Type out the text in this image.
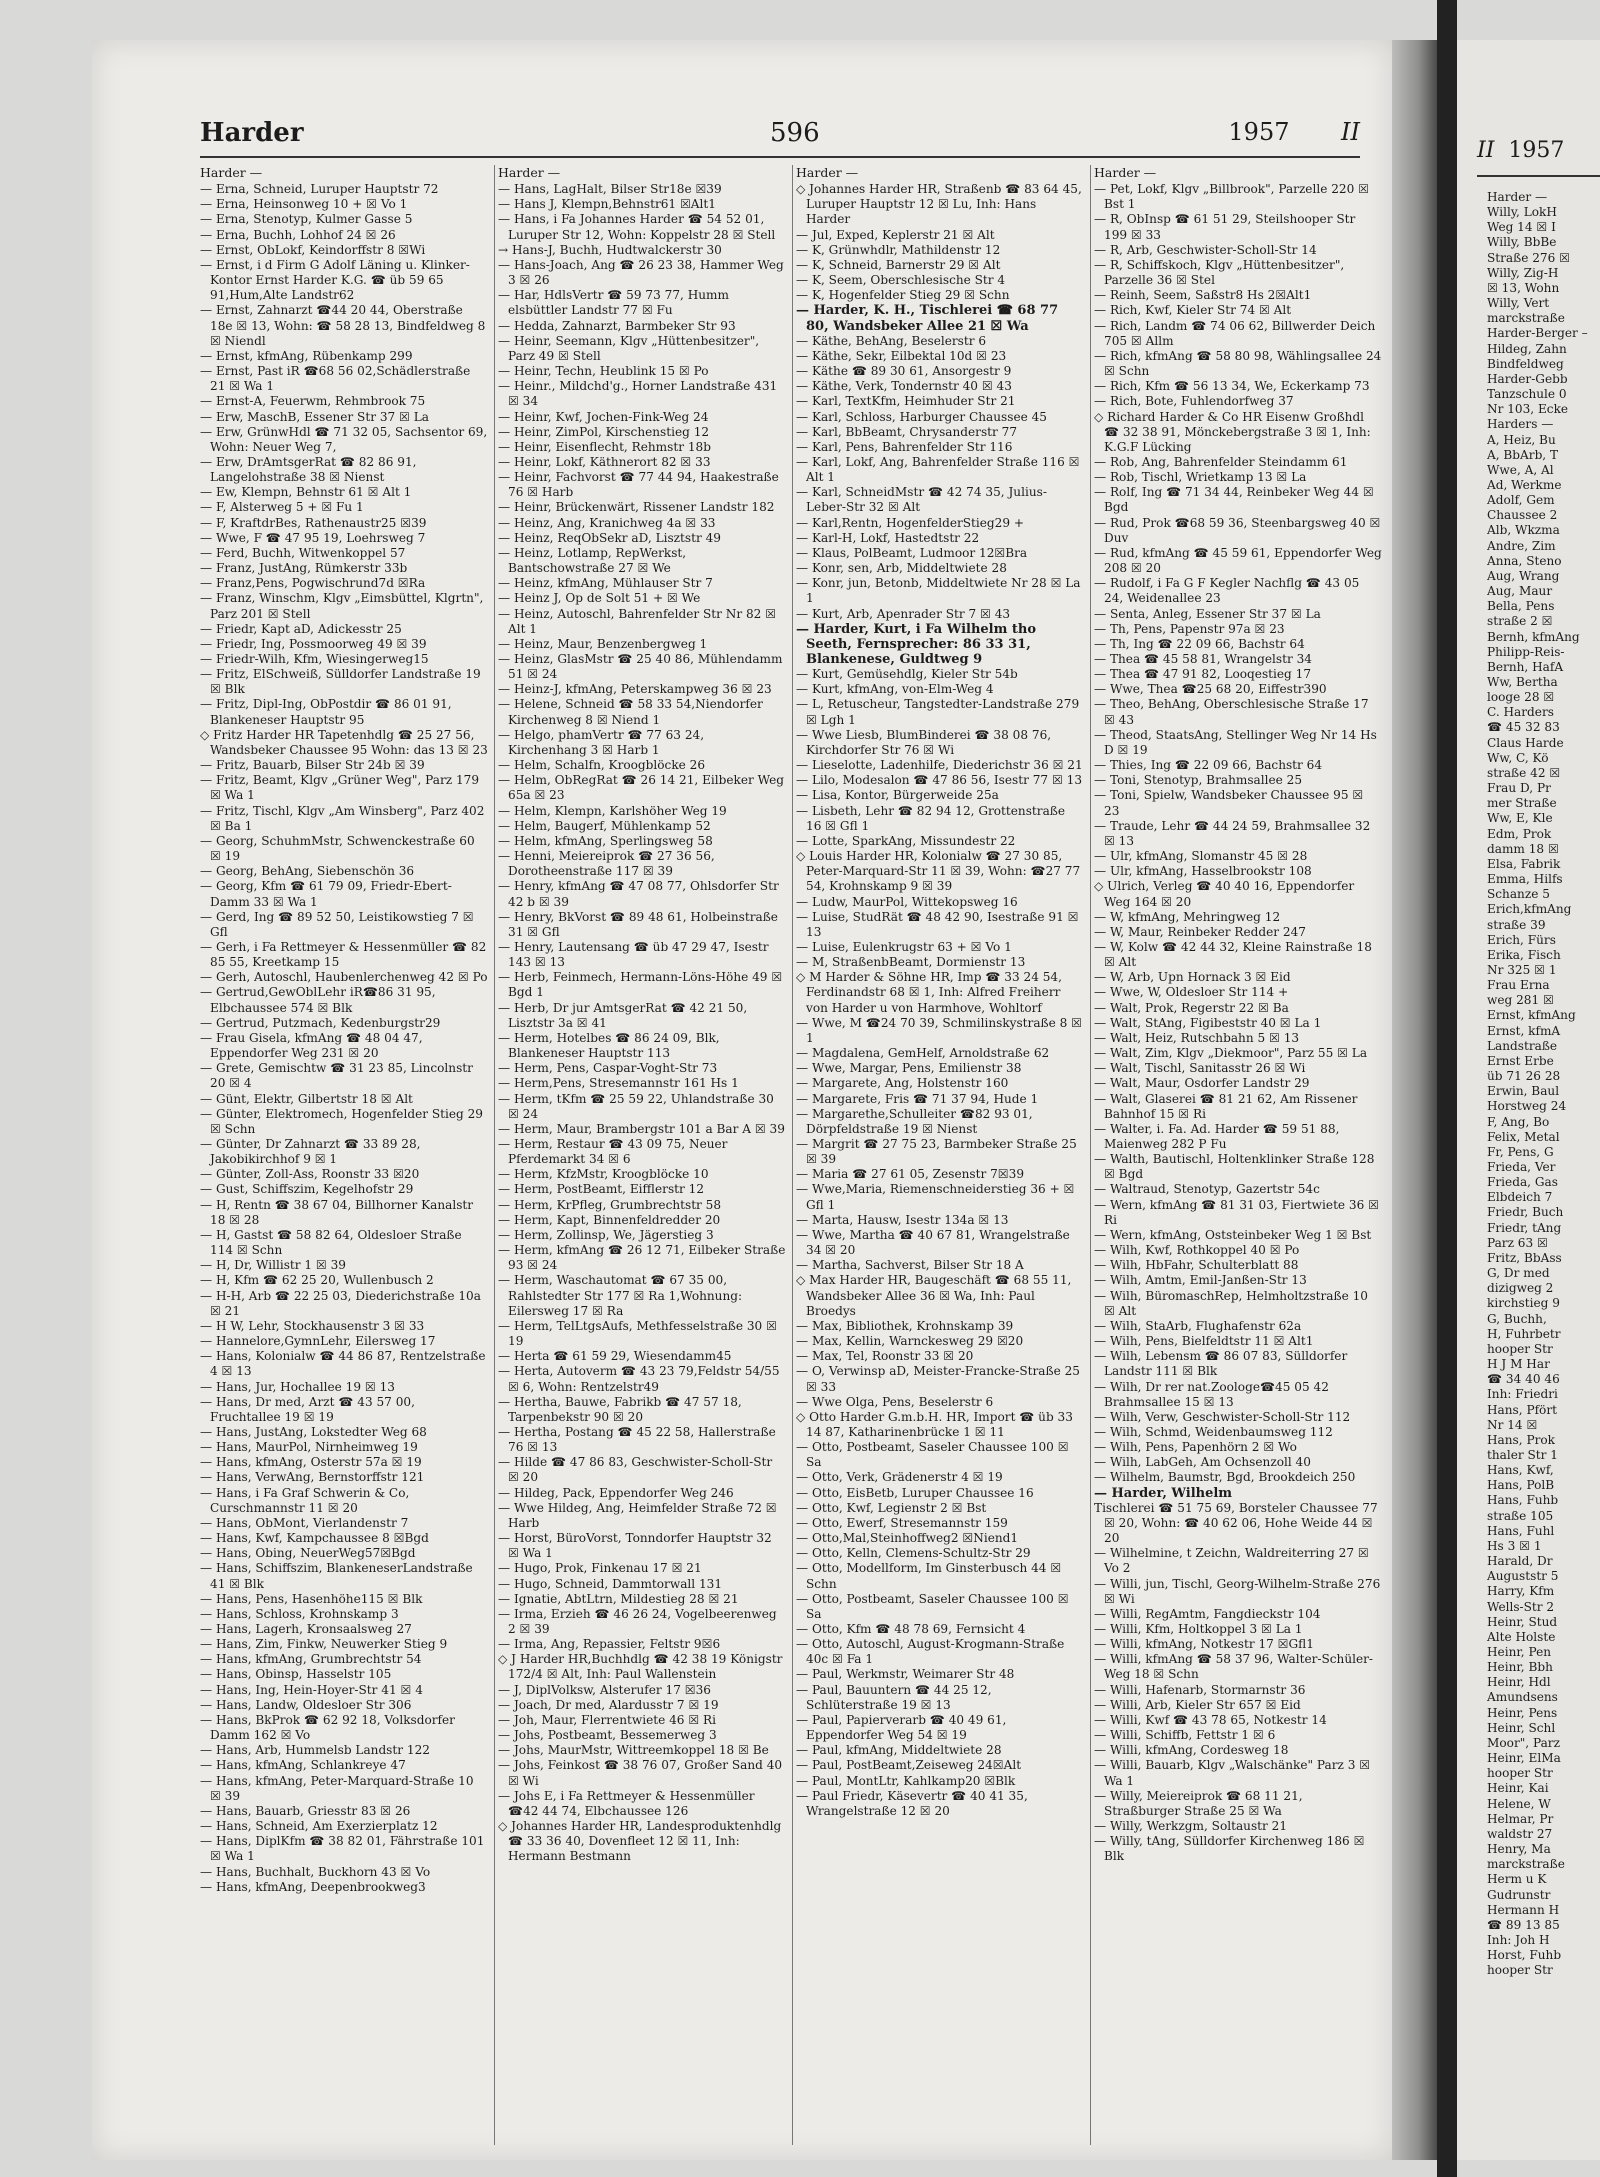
II 1957
Harder —
Willy, LokH
Weg 14 ☒ I
Willy, BbBe
Straße 276 ☒
Willy, Zig-H
☒ 13, Wohn
Willy, Vert
marckstraße
Harder-Berger –
Hildeg, Zahn
Bindfeldweg
Harder-Gebb
Tanzschule 0
Nr 103, Ecke
Harders —
A, Heiz, Bu
A, BbArb, T
Wwe, A, Al
Ad, Werkme
Adolf, Gem
Chaussee 2
Alb, Wkzma
Andre, Zim
Anna, Steno
Aug, Wrang
Aug, Maur
Bella, Pens
straße 2 ☒
Bernh, kfmAng
Philipp-Reis-
Bernh, HafA
Ww, Bertha
looge 28 ☒
C. Harders
☎ 45 32 83
Claus Harde
Ww, C, Kö
straße 42 ☒
Frau D, Pr
mer Straße
Ww, E, Kle
Edm, Prok
damm 18 ☒
Elsa, Fabrik
Emma, Hilfs
Schanze 5
Erich,kfmAng
straße 39
Erich, Fürs
Erika, Fisch
Nr 325 ☒ 1
Frau Erna
weg 281 ☒
Ernst, kfmAng
Ernst, kfmA
Landstraße
Ernst Erbe
üb 71 26 28
Erwin, Baul
Horstweg 24
F, Ang, Bo
Felix, Metal
Fr, Pens, G
Frieda, Ver
Frieda, Gas
Elbdeich 7
Friedr, Buch
Friedr, tAng
Parz 63 ☒
Fritz, BbAss
G, Dr med
dizigweg 2
kirchstieg 9
G, Buchh,
H, Fuhrbetr
hooper Str
H J M Har
☎ 34 40 46
Inh: Friedri
Hans, Pfört
Nr 14 ☒
Hans, Prok
thaler Str 1
Hans, Kwf,
Hans, PolB
Hans, Fuhb
straße 105
Hans, Fuhl
Hs 3 ☒ 1
Harald, Dr
Auguststr 5
Harry, Kfm
Wells-Str 2
Heinr, Stud
Alte Holste
Heinr, Pen
Heinr, Bbh
Heinr, Hdl
Amundsens
Heinr, Pens
Heinr, Schl
Moor", Parz
Heinr, ElMa
hooper Str
Heinr, Kai
Helene, W
Helmar, Pr
waldstr 27
Henry, Ma
marckstraße
Herm u K
Gudrunstr
Hermann H
☎ 89 13 85
Inh: Joh H
Horst, Fuhb
hooper Str
Harder	596	1957	II
Harder —

— Erna, Schneid, Luruper Hauptstr 72

— Erna, Heinsonweg 10 + ☒ Vo 1

— Erna, Stenotyp, Kulmer Gasse 5

— Erna, Buchh, Lohhof 24 ☒ 26

— Ernst, ObLokf, Keindorffstr 8 ☒Wi

— Ernst, i d Firm G Adolf Läning u. Klinker-Kontor Ernst Harder K.G. ☎ üb 59 65 91,Hum,Alte Landstr62

— Ernst, Zahnarzt ☎44 20 44, Oberstraße 18e ☒ 13, Wohn: ☎ 58 28 13, Bindfeldweg 8 ☒ Niendl

— Ernst, kfmAng, Rübenkamp 299

— Ernst, Past iR ☎68 56 02,Schädlerstraße 21 ☒ Wa 1

— Ernst-A, Feuerwm, Rehmbrook 75

— Erw, MaschB, Essener Str 37 ☒ La

— Erw, GrünwHdl ☎ 71 32 05, Sachsentor 69, Wohn: Neuer Weg 7,

— Erw, DrAmtsgerRat ☎ 82 86 91, Langelohstraße 38 ☒ Nienst

— Ew, Klempn, Behnstr 61 ☒ Alt 1

— F, Alsterweg 5 + ☒ Fu 1

— F, KraftdrBes, Rathenaustr25 ☒39

— Wwe, F ☎ 47 95 19, Loehrsweg 7

— Ferd, Buchh, Witwenkoppel 57

— Franz, JustAng, Rümkerstr 33b

— Franz,Pens, Pogwischrund7d ☒Ra

— Franz, Winschm, Klgv „Eimsbüttel, Klgrtn", Parz 201 ☒ Stell

— Friedr, Kapt aD, Adickesstr 25

— Friedr, Ing, Possmoorweg 49 ☒ 39

— Friedr-Wilh, Kfm, Wiesingerweg15

— Fritz, ElSchweiß, Sülldorfer Landstraße 19 ☒ Blk

— Fritz, Dipl-Ing, ObPostdir ☎ 86 01 91, Blankeneser Hauptstr 95

◇ Fritz Harder HR Tapetenhdlg ☎ 25 27 56, Wandsbeker Chaussee 95 Wohn: das 13 ☒ 23

— Fritz, Bauarb, Bilser Str 24b ☒ 39

— Fritz, Beamt, Klgv „Grüner Weg", Parz 179 ☒ Wa 1

— Fritz, Tischl, Klgv „Am Winsberg", Parz 402 ☒ Ba 1

— Georg, SchuhmMstr, Schwenckestraße 60 ☒ 19

— Georg, BehAng, Siebenschön 36

— Georg, Kfm ☎ 61 79 09, Friedr-Ebert-Damm 33 ☒ Wa 1

— Gerd, Ing ☎ 89 52 50, Leistikowstieg 7 ☒ Gfl

— Gerh, i Fa Rettmeyer & Hessenmüller ☎ 82 85 55, Kreetkamp 15

— Gerh, Autoschl, Haubenlerchenweg 42 ☒ Po

— Gertrud,GewOblLehr iR☎86 31 95, Elbchaussee 574 ☒ Blk

— Gertrud, Putzmach, Kedenburgstr29

— Frau Gisela, kfmAng ☎ 48 04 47, Eppendorfer Weg 231 ☒ 20

— Grete, Gemischtw ☎ 31 23 85, Lincolnstr 20 ☒ 4

— Günt, Elektr, Gilbertstr 18 ☒ Alt

— Günter, Elektromech, Hogenfelder Stieg 29 ☒ Schn

— Günter, Dr Zahnarzt ☎ 33 89 28, Jakobikirchhof 9 ☒ 1

— Günter, Zoll-Ass, Roonstr 33 ☒20

— Gust, Schiffszim, Kegelhofstr 29

— H, Rentn ☎ 38 67 04, Billhorner Kanalstr 18 ☒ 28

— H, Gastst ☎ 58 82 64, Oldesloer Straße 114 ☒ Schn

— H, Dr, Willistr 1 ☒ 39

— H, Kfm ☎ 62 25 20, Wullenbusch 2

— H-H, Arb ☎ 22 25 03, Diederichstraße 10a ☒ 21

— H W, Lehr, Stockhausenstr 3 ☒ 33

— Hannelore,GymnLehr, Eilersweg 17

— Hans, Kolonialw ☎ 44 86 87, Rentzelstraße 4 ☒ 13

— Hans, Jur, Hochallee 19 ☒ 13

— Hans, Dr med, Arzt ☎ 43 57 00, Fruchtallee 19 ☒ 19

— Hans, JustAng, Lokstedter Weg 68

— Hans, MaurPol, Nirnheimweg 19

— Hans, kfmAng, Osterstr 57a ☒ 19

— Hans, VerwAng, Bernstorffstr 121

— Hans, i Fa Graf Schwerin & Co, Curschmannstr 11 ☒ 20

— Hans, ObMont, Vierlandenstr 7

— Hans, Kwf, Kampchaussee 8 ☒Bgd

— Hans, Obing, NeuerWeg57☒Bgd

— Hans, Schiffszim, BlankeneserLandstraße 41 ☒ Blk

— Hans, Pens, Hasenhöhe115 ☒ Blk

— Hans, Schloss, Krohnskamp 3

— Hans, Lagerh, Kronsaalsweg 27

— Hans, Zim, Finkw, Neuwerker Stieg 9

— Hans, kfmAng, Grumbrechtstr 54

— Hans, Obinsp, Hasselstr 105

— Hans, Ing, Hein-Hoyer-Str 41 ☒ 4

— Hans, Landw, Oldesloer Str 306

— Hans, BkProk ☎ 62 92 18, Volksdorfer Damm 162 ☒ Vo

— Hans, Arb, Hummelsb Landstr 122

— Hans, kfmAng, Schlankreye 47

— Hans, kfmAng, Peter-Marquard-Straße 10 ☒ 39

— Hans, Bauarb, Griesstr 83 ☒ 26

— Hans, Schneid, Am Exerzierplatz 12

— Hans, DiplKfm ☎ 38 82 01, Fährstraße 101 ☒ Wa 1

— Hans, Buchhalt, Buckhorn 43 ☒ Vo

— Hans, kfmAng, Deepenbrookweg3

Harder —

— Hans, LagHalt, Bilser Str18e ☒39

— Hans J, Klempn,Behnstr61 ☒Alt1

— Hans, i Fa Johannes Harder ☎ 54 52 01, Luruper Str 12, Wohn: Koppelstr 28 ☒ Stell

→ Hans-J, Buchh, Hudtwalckerstr 30

— Hans-Joach, Ang ☎ 26 23 38, Hammer Weg 3 ☒ 26

— Har, HdlsVertr ☎ 59 73 77, Humm elsbüttler Landstr 77 ☒ Fu

— Hedda, Zahnarzt, Barmbeker Str 93

— Heinr, Seemann, Klgv „Hüttenbesitzer", Parz 49 ☒ Stell

— Heinr, Techn, Heublink 15 ☒ Po

— Heinr., Mildchd'g., Horner Landstraße 431 ☒ 34

— Heinr, Kwf, Jochen-Fink-Weg 24

— Heinr, ZimPol, Kirschenstieg 12

— Heinr, Eisenflecht, Rehmstr 18b

— Heinr, Lokf, Käthnerort 82 ☒ 33

— Heinr, Fachvorst ☎ 77 44 94, Haakestraße 76 ☒ Harb

— Heinr, Brückenwärt, Rissener Landstr 182

— Heinz, Ang, Kranichweg 4a ☒ 33

— Heinz, ReqObSekr aD, Lisztstr 49

— Heinz, Lotlamp, RepWerkst, Bantschowstraße 27 ☒ We

— Heinz, kfmAng, Mühlauser Str 7

— Heinz J, Op de Solt 51 + ☒ We

— Heinz, Autoschl, Bahrenfelder Str Nr 82 ☒ Alt 1

— Heinz, Maur, Benzenbergweg 1

— Heinz, GlasMstr ☎ 25 40 86, Mühlendamm 51 ☒ 24

— Heinz-J, kfmAng, Peterskampweg 36 ☒ 23

— Helene, Schneid ☎ 58 33 54,Niendorfer Kirchenweg 8 ☒ Niend 1

— Helgo, phamVertr ☎ 77 63 24, Kirchenhang 3 ☒ Harb 1

— Helm, Schalfn, Kroogblöcke 26

— Helm, ObRegRat ☎ 26 14 21, Eilbeker Weg 65a ☒ 23

— Helm, Klempn, Karlshöher Weg 19

— Helm, Baugerf, Mühlenkamp 52

— Helm, kfmAng, Sperlingsweg 58

— Henni, Meiereiprok ☎ 27 36 56, Dorotheenstraße 117 ☒ 39

— Henry, kfmAng ☎ 47 08 77, Ohlsdorfer Str 42 b ☒ 39

— Henry, BkVorst ☎ 89 48 61, Holbeinstraße 31 ☒ Gfl

— Henry, Lautensang ☎ üb 47 29 47, Isestr 143 ☒ 13

— Herb, Feinmech, Hermann-Löns-Höhe 49 ☒ Bgd 1

— Herb, Dr jur AmtsgerRat ☎ 42 21 50, Lisztstr 3a ☒ 41

— Herm, Hotelbes ☎ 86 24 09, Blk, Blankeneser Hauptstr 113

— Herm, Pens, Caspar-Voght-Str 73

— Herm,Pens, Stresemannstr 161 Hs 1

— Herm, tKfm ☎ 25 59 22, Uhlandstraße 30 ☒ 24

— Herm, Maur, Brambergstr 101 a Bar A ☒ 39

— Herm, Restaur ☎ 43 09 75, Neuer Pferdemarkt 34 ☒ 6

— Herm, KfzMstr, Kroogblöcke 10

— Herm, PostBeamt, Eifflerstr 12

— Herm, KrPfleg, Grumbrechtstr 58

— Herm, Kapt, Binnenfeldredder 20

— Herm, Zollinsp, We, Jägerstieg 3

— Herm, kfmAng ☎ 26 12 71, Eilbeker Straße 93 ☒ 24

— Herm, Waschautomat ☎ 67 35 00, Rahlstedter Str 177 ☒ Ra 1,Wohnung: Eilersweg 17 ☒ Ra

— Herm, TelLtgsAufs, Methfesselstraße 30 ☒ 19

— Herta ☎ 61 59 29, Wiesendamm45

— Herta, Autoverm ☎ 43 23 79,Feldstr 54/55 ☒ 6, Wohn: Rentzelstr49

— Hertha, Bauwe, Fabrikb ☎ 47 57 18, Tarpenbekstr 90 ☒ 20

— Hertha, Postang ☎ 45 22 58, Hallerstraße 76 ☒ 13

— Hilde ☎ 47 86 83, Geschwister-Scholl-Str ☒ 20

— Hildeg, Pack, Eppendorfer Weg 246

— Wwe Hildeg, Ang, Heimfelder Straße 72 ☒ Harb

— Horst, BüroVorst, Tonndorfer Hauptstr 32 ☒ Wa 1

— Hugo, Prok, Finkenau 17 ☒ 21

— Hugo, Schneid, Dammtorwall 131

— Ignatie, AbtLtrn, Mildestieg 28 ☒ 21

— Irma, Erzieh ☎ 46 26 24, Vogelbeerenweg 2 ☒ 39

— Irma, Ang, Repassier, Feltstr 9☒6

◇ J Harder HR,Buchhdlg ☎ 42 38 19 Königstr 172/4 ☒ Alt, Inh: Paul Wallenstein

— J, DiplVolksw, Alsterufer 17 ☒36

— Joach, Dr med, Alardusstr 7 ☒ 19

— Joh, Maur, Flerrentwiete 46 ☒ Ri

— Johs, Postbeamt, Bessemerweg 3

— Johs, MaurMstr, Wittreemkoppel 18 ☒ Be

— Johs, Feinkost ☎ 38 76 07, Großer Sand 40 ☒ Wi

— Johs E, i Fa Rettmeyer & Hessenmüller ☎42 44 74, Elbchaussee 126

◇ Johannes Harder HR, Landesproduktenhdlg ☎ 33 36 40, Dovenfleet 12 ☒ 11, Inh: Hermann Bestmann

Harder —

◇ Johannes Harder HR, Straßenb ☎ 83 64 45, Luruper Hauptstr 12 ☒ Lu, Inh: Hans Harder

— Jul, Exped, Keplerstr 21 ☒ Alt

— K, Grünwhdlr, Mathildenstr 12

— K, Schneid, Barnerstr 29 ☒ Alt

— K, Seem, Oberschlesische Str 4

— K, Hogenfelder Stieg 29 ☒ Schn

— Harder, K. H., Tischlerei ☎ 68 77 80, Wandsbeker Allee 21 ☒ Wa

— Käthe, BehAng, Beselerstr 6

— Käthe, Sekr, Eilbektal 10d ☒ 23

— Käthe ☎ 89 30 61, Ansorgestr 9

— Käthe, Verk, Tondernstr 40 ☒ 43

— Karl, TextKfm, Heimhuder Str 21

— Karl, Schloss, Harburger Chaussee 45

— Karl, BbBeamt, Chrysanderstr 77

— Karl, Pens, Bahrenfelder Str 116

— Karl, Lokf, Ang, Bahrenfelder Straße 116 ☒ Alt 1

— Karl, SchneidMstr ☎ 42 74 35, Julius-Leber-Str 32 ☒ Alt

— Karl,Rentn, HogenfelderStieg29 +

— Karl-H, Lokf, Hastedtstr 22

— Klaus, PolBeamt, Ludmoor 12☒Bra

— Konr, sen, Arb, Middeltwiete 28

— Konr, jun, Betonb, Middeltwiete Nr 28 ☒ La 1

— Kurt, Arb, Apenrader Str 7 ☒ 43

— Harder, Kurt, i Fa Wilhelm tho Seeth, Fernsprecher: 86 33 31, Blankenese, Guldtweg 9

— Kurt, Gemüsehdlg, Kieler Str 54b

— Kurt, kfmAng, von-Elm-Weg 4

— L, Retuscheur, Tangstedter-Landstraße 279 ☒ Lgh 1

— Wwe Liesb, BlumBinderei ☎ 38 08 76, Kirchdorfer Str 76 ☒ Wi

— Lieselotte, Ladenhilfe, Diederichstr 36 ☒ 21

— Lilo, Modesalon ☎ 47 86 56, Isestr 77 ☒ 13

— Lisa, Kontor, Bürgerweide 25a

— Lisbeth, Lehr ☎ 82 94 12, Grottenstraße 16 ☒ Gfl 1

— Lotte, SparkAng, Missundestr 22

◇ Louis Harder HR, Kolonialw ☎ 27 30 85, Peter-Marquard-Str 11 ☒ 39, Wohn: ☎27 77 54, Krohnskamp 9 ☒ 39

— Ludw, MaurPol, Wittekopsweg 16

— Luise, StudRät ☎ 48 42 90, Isestraße 91 ☒ 13

— Luise, Eulenkrugstr 63 + ☒ Vo 1

— M, StraßenbBeamt, Dormienstr 13

◇ M Harder & Söhne HR, Imp ☎ 33 24 54, Ferdinandstr 68 ☒ 1, Inh: Alfred Freiherr von Harder u von Harmhove, Wohltorf

— Wwe, M ☎24 70 39, Schmilinskystraße 8 ☒ 1

— Magdalena, GemHelf, Arnoldstraße 62

— Wwe, Margar, Pens, Emilienstr 38

— Margarete, Ang, Holstenstr 160

— Margarete, Fris ☎ 71 37 94, Hude 1

— Margarethe,Schulleiter ☎82 93 01, Dörpfeldstraße 19 ☒ Nienst

— Margrit ☎ 27 75 23, Barmbeker Straße 25 ☒ 39

— Maria ☎ 27 61 05, Zesenstr 7☒39

— Wwe,Maria, Riemenschneiderstieg 36 + ☒ Gfl 1

— Marta, Hausw, Isestr 134a ☒ 13

— Wwe, Martha ☎ 40 67 81, Wrangelstraße 34 ☒ 20

— Martha, Sachverst, Bilser Str 18 A

◇ Max Harder HR, Baugeschäft ☎ 68 55 11, Wandsbeker Allee 36 ☒ Wa, Inh: Paul Broedys

— Max, Bibliothek, Krohnskamp 39

— Max, Kellin, Warnckesweg 29 ☒20

— Max, Tel, Roonstr 33 ☒ 20

— O, Verwinsp aD, Meister-Francke-Straße 25 ☒ 33

— Wwe Olga, Pens, Beselerstr 6

◇ Otto Harder G.m.b.H. HR, Import ☎ üb 33 14 87, Katharinenbrücke 1 ☒ 11

— Otto, Postbeamt, Saseler Chaussee 100 ☒ Sa

— Otto, Verk, Grädenerstr 4 ☒ 19

— Otto, EisBetb, Luruper Chaussee 16

— Otto, Kwf, Legienstr 2 ☒ Bst

— Otto, Ewerf, Stresemannstr 159

— Otto,Mal,Steinhoffweg2 ☒Niend1

— Otto, Kelln, Clemens-Schultz-Str 29

— Otto, Modellform, Im Ginsterbusch 44 ☒ Schn

— Otto, Postbeamt, Saseler Chaussee 100 ☒ Sa

— Otto, Kfm ☎ 48 78 69, Fernsicht 4

— Otto, Autoschl, August-Krogmann-Straße 40c ☒ Fa 1

— Paul, Werkmstr, Weimarer Str 48

— Paul, Bauuntern ☎ 44 25 12, Schlüterstraße 19 ☒ 13

— Paul, Papierverarb ☎ 40 49 61, Eppendorfer Weg 54 ☒ 19

— Paul, kfmAng, Middeltwiete 28

— Paul, PostBeamt,Zeiseweg 24☒Alt

— Paul, MontLtr, Kahlkamp20 ☒Blk

— Paul Friedr, Käsevertr ☎ 40 41 35, Wrangelstraße 12 ☒ 20

Harder —

— Pet, Lokf, Klgv „Billbrook", Parzelle 220 ☒ Bst 1

— R, ObInsp ☎ 61 51 29, Steilshooper Str 199 ☒ 33

— R, Arb, Geschwister-Scholl-Str 14

— R, Schiffskoch, Klgv „Hüttenbesitzer", Parzelle 36 ☒ Stel

— Reinh, Seem, Saßstr8 Hs 2☒Alt1

— Rich, Kwf, Kieler Str 74 ☒ Alt

— Rich, Landm ☎ 74 06 62, Billwerder Deich 705 ☒ Allm

— Rich, kfmAng ☎ 58 80 98, Wählingsallee 24 ☒ Schn

— Rich, Kfm ☎ 56 13 34, We, Eckerkamp 73

— Rich, Bote, Fuhlendorfweg 37

◇ Richard Harder & Co HR Eisenw Großhdl ☎ 32 38 91, Mönckebergstraße 3 ☒ 1, Inh: K.G.F Lücking

— Rob, Ang, Bahrenfelder Steindamm 61

— Rob, Tischl, Wrietkamp 13 ☒ La

— Rolf, Ing ☎ 71 34 44, Reinbeker Weg 44 ☒ Bgd

— Rud, Prok ☎68 59 36, Steenbargsweg 40 ☒ Duv

— Rud, kfmAng ☎ 45 59 61, Eppendorfer Weg 208 ☒ 20

— Rudolf, i Fa G F Kegler Nachflg ☎ 43 05 24, Weidenallee 23

— Senta, Anleg, Essener Str 37 ☒ La

— Th, Pens, Papenstr 97a ☒ 23

— Th, Ing ☎ 22 09 66, Bachstr 64

— Thea ☎ 45 58 81, Wrangelstr 34

— Thea ☎ 47 91 82, Looqestieg 17

— Wwe, Thea ☎25 68 20, Eiffestr390

— Theo, BehAng, Oberschlesische Straße 17 ☒ 43

— Theod, StaatsAng, Stellinger Weg Nr 14 Hs D ☒ 19

— Thies, Ing ☎ 22 09 66, Bachstr 64

— Toni, Stenotyp, Brahmsallee 25

— Toni, Spielw, Wandsbeker Chaussee 95 ☒ 23

— Traude, Lehr ☎ 44 24 59, Brahmsallee 32 ☒ 13

— Ulr, kfmAng, Slomanstr 45 ☒ 28

— Ulr, kfmAng, Hasselbrookstr 108

◇ Ulrich, Verleg ☎ 40 40 16, Eppendorfer Weg 164 ☒ 20

— W, kfmAng, Mehringweg 12

— W, Maur, Reinbeker Redder 247

— W, Kolw ☎ 42 44 32, Kleine Rainstraße 18 ☒ Alt

— W, Arb, Upn Hornack 3 ☒ Eid

— Wwe, W, Oldesloer Str 114 +

— Walt, Prok, Regerstr 22 ☒ Ba

— Walt, StAng, Figibeststr 40 ☒ La 1

— Walt, Heiz, Rutschbahn 5 ☒ 13

— Walt, Zim, Klgv „Diekmoor", Parz 55 ☒ La

— Walt, Tischl, Sanitasstr 26 ☒ Wi

— Walt, Maur, Osdorfer Landstr 29

— Walt, Glaserei ☎ 81 21 62, Am Rissener Bahnhof 15 ☒ Ri

— Walter, i. Fa. Ad. Harder ☎ 59 51 88, Maienweg 282 P Fu

— Walth, Bautischl, Holtenklinker Straße 128 ☒ Bgd

— Waltraud, Stenotyp, Gazertstr 54c

— Wern, kfmAng ☎ 81 31 03, Fiertwiete 36 ☒ Ri

— Wern, kfmAng, Oststeinbeker Weg 1 ☒ Bst

— Wilh, Kwf, Rothkoppel 40 ☒ Po

— Wilh, HbFahr, Schulterblatt 88

— Wilh, Amtm, Emil-Janßen-Str 13

— Wilh, BüromaschRep, Helmholtzstraße 10 ☒ Alt

— Wilh, StaArb, Flughafenstr 62a

— Wilh, Pens, Bielfeldtstr 11 ☒ Alt1

— Wilh, Lebensm ☎ 86 07 83, Sülldorfer Landstr 111 ☒ Blk

— Wilh, Dr rer nat.Zoologe☎45 05 42 Brahmsallee 15 ☒ 13

— Wilh, Verw, Geschwister-Scholl-Str 112

— Wilh, Schmd, Weidenbaumsweg 112

— Wilh, Pens, Papenhörn 2 ☒ Wo

— Wilh, LabGeh, Am Ochsenzoll 40

— Wilhelm, Baumstr, Bgd, Brookdeich 250

— Harder, Wilhelm

Tischlerei ☎ 51 75 69, Borsteler Chaussee 77 ☒ 20, Wohn: ☎ 40 62 06, Hohe Weide 44 ☒ 20

— Wilhelmine, t Zeichn, Waldreiterring 27 ☒ Vo 2

— Willi, jun, Tischl, Georg-Wilhelm-Straße 276 ☒ Wi

— Willi, RegAmtm, Fangdieckstr 104

— Willi, Kfm, Holtkoppel 3 ☒ La 1

— Willi, kfmAng, Notkestr 17 ☒Gfl1

— Willi, kfmAng ☎ 58 37 96, Walter-Schüler-Weg 18 ☒ Schn

— Willi, Hafenarb, Stormarnstr 36

— Willi, Arb, Kieler Str 657 ☒ Eid

— Willi, Kwf ☎ 43 78 65, Notkestr 14

— Willi, Schiffb, Fettstr 1 ☒ 6

— Willi, kfmAng, Cordesweg 18

— Willi, Bauarb, Klgv „Walschänke" Parz 3 ☒ Wa 1

— Willy, Meiereiprok ☎ 68 11 21, Straßburger Straße 25 ☒ Wa

— Willy, Werkzgm, Soltaustr 21

— Willy, tAng, Sülldorfer Kirchenweg 186 ☒ Blk
